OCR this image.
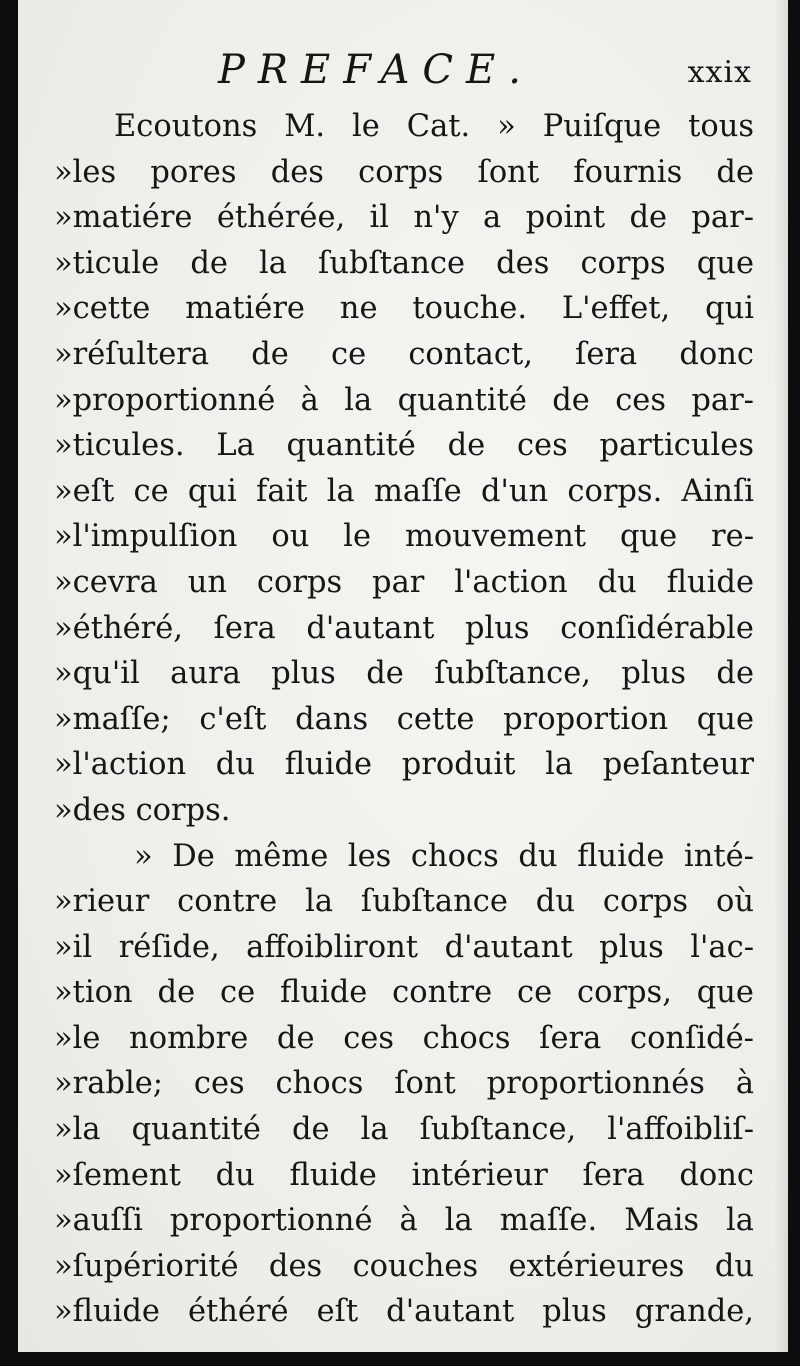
PREFACE.	xxix
Ecoutons M. le Cat. » Puiſque tous
»les pores des corps ſont fournis de
»matiére éthérée, il n'y a point de par-
»ticule de la ſubſtance des corps que
»cette matiére ne touche. L'effet, qui
»réſultera de ce contact, ſera donc
»proportionné à la quantité de ces par-
»ticules. La quantité de ces particules
»eſt ce qui fait la maſſe d'un corps. Ainſi
»l'impulſion ou le mouvement que re-
»cevra un corps par l'action du fluide
»éthéré, ſera d'autant plus conſidérable
»qu'il aura plus de ſubſtance, plus de
»maſſe; c'eſt dans cette proportion que
»l'action du fluide produit la peſanteur
»des corps.
» De même les chocs du fluide inté-
»rieur contre la ſubſtance du corps où
»il réſide, affoibliront d'autant plus l'ac-
»tion de ce fluide contre ce corps, que
»le nombre de ces chocs ſera conſidé-
»rable; ces chocs ſont proportionnés à
»la quantité de la ſubſtance, l'affoibliſ-
»ſement du fluide intérieur ſera donc
»auſſi proportionné à la maſſe. Mais la
»ſupériorité des couches extérieures du
»fluide éthéré eſt d'autant plus grande,
